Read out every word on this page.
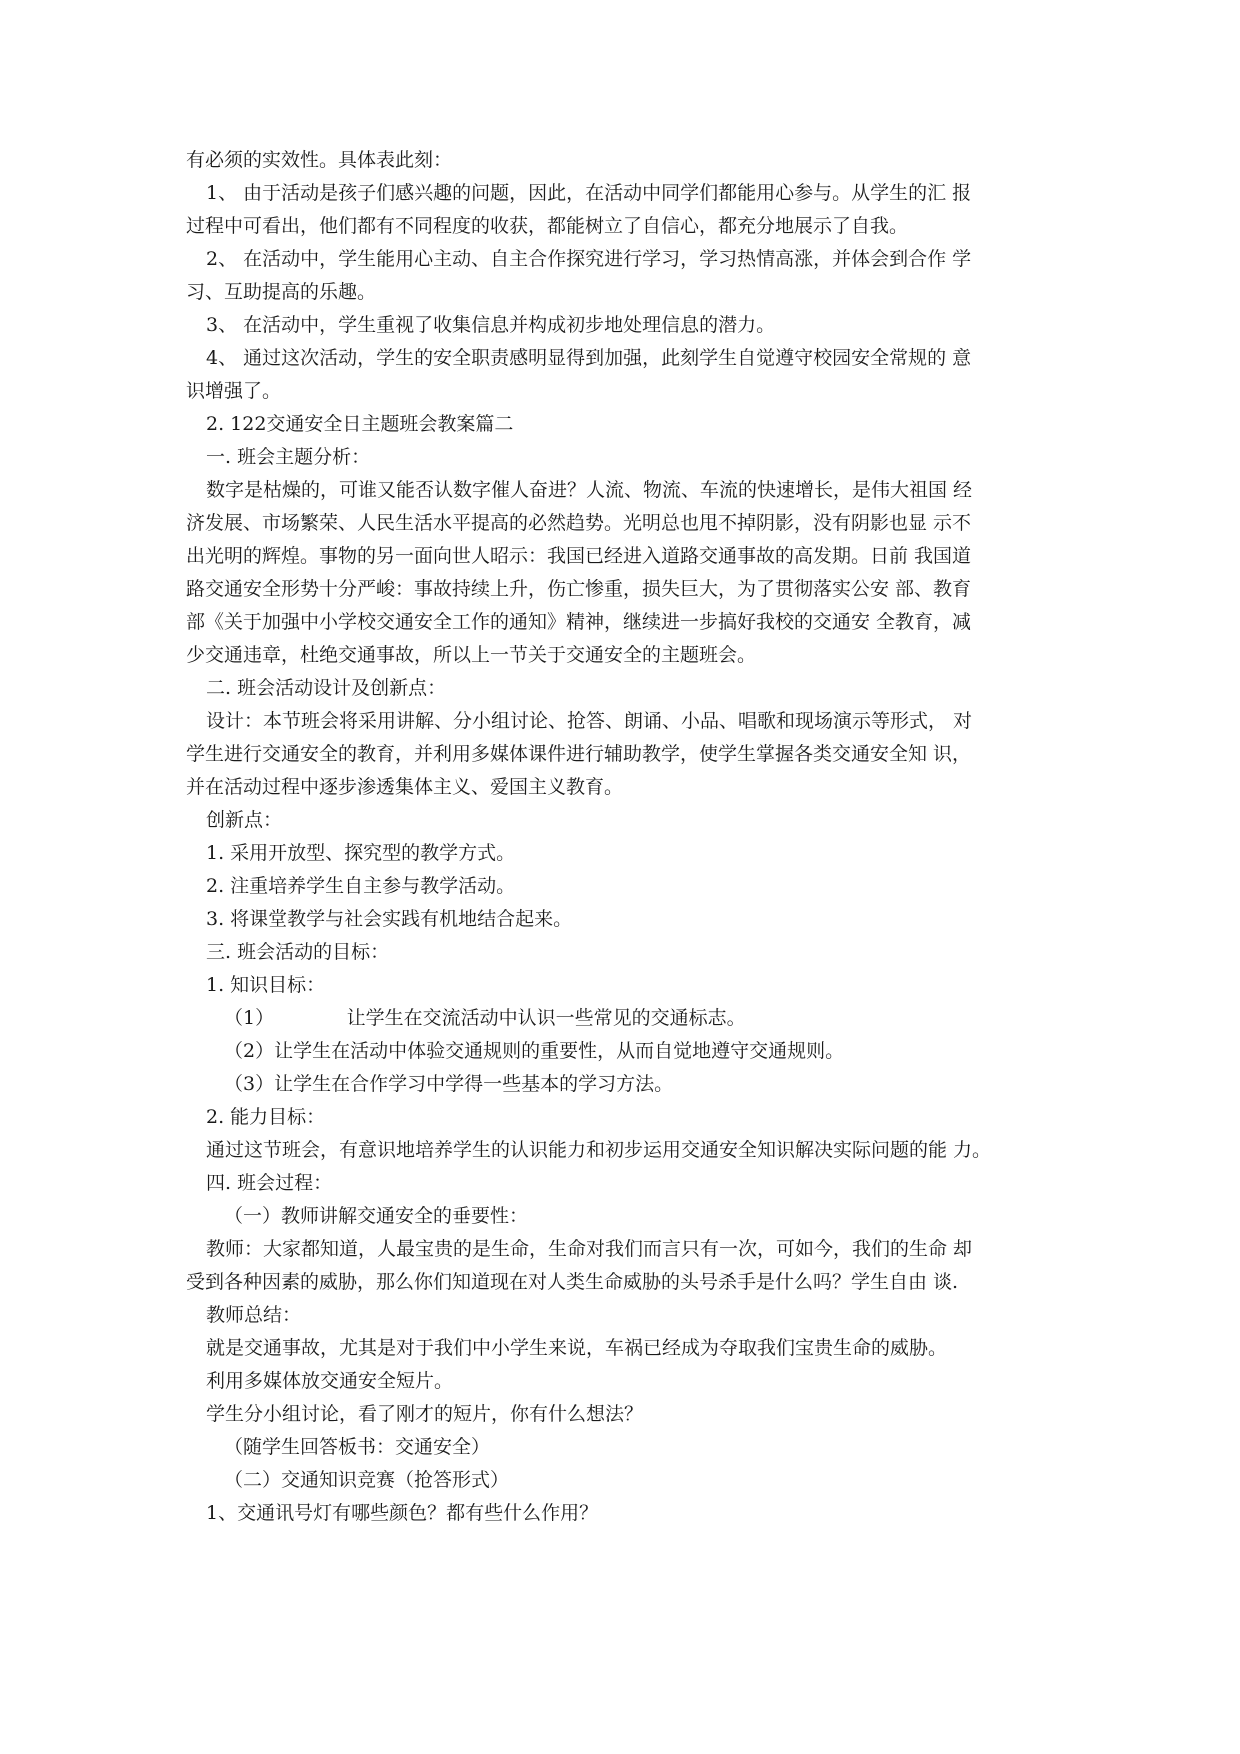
有必须的实效性。具体表此刻：
1、 由于活动是孩子们感兴趣的问题，因此，在活动中同学们都能用心参与。从学生的汇 报
过程中可看出，他们都有不同程度的收获，都能树立了自信心，都充分地展示了自我。
2、 在活动中，学生能用心主动、自主合作探究进行学习，学习热情高涨，并体会到合作 学
习、互助提高的乐趣。
3、 在活动中，学生重视了收集信息并构成初步地处理信息的潜力。
4、 通过这次活动，学生的安全职责感明显得到加强，此刻学生自觉遵守校园安全常规的 意
识增强了。
2. 122交通安全日主题班会教案篇二
一. 班会主题分析：
数字是枯燥的，可谁又能否认数字催人奋进？人流、物流、车流的快速增长，是伟大祖国 经
济发展、市场繁荣、人民生活水平提高的必然趋势。光明总也甩不掉阴影，没有阴影也显 示不
出光明的辉煌。事物的另一面向世人昭示：我国已经进入道路交通事故的高发期。日前 我国道
路交通安全形势十分严峻：事故持续上升，伤亡惨重，损失巨大，为了贯彻落实公安 部、教育
部《关于加强中小学校交通安全工作的通知》精神，继续进一步搞好我校的交通安 全教育，减
少交通违章，杜绝交通事故，所以上一节关于交通安全的主题班会。
二. 班会活动设计及创新点：
设计：本节班会将采用讲解、分小组讨论、抢答、朗诵、小品、唱歌和现场演示等形式， 对
学生进行交通安全的教育，并利用多媒体课件进行辅助教学，使学生掌握各类交通安全知 识，
并在活动过程中逐步渗透集体主义、爱国主义教育。
创新点：
1. 采用开放型、探究型的教学方式。
2. 注重培养学生自主参与教学活动。
3. 将课堂教学与社会实践有机地结合起来。
三. 班会活动的目标：
1. 知识目标：
（1）            让学生在交流活动中认识一些常见的交通标志。
（2）让学生在活动中体验交通规则的重要性，从而自觉地遵守交通规则。
（3）让学生在合作学习中学得一些基本的学习方法。
2. 能力目标：
通过这节班会，有意识地培养学生的认识能力和初步运用交通安全知识解决实际问题的能 力。
四. 班会过程：
（一）教师讲解交通安全的垂要性：
教师：大家都知道，人最宝贵的是生命，生命对我们而言只有一次，可如今，我们的生命 却
受到各种因素的威胁，那么你们知道现在对人类生命威胁的头号杀手是什么吗？学生自由 谈.
教师总结：
就是交通事故，尤其是对于我们中小学生来说，车祸已经成为夺取我们宝贵生命的威胁。
利用多媒体放交通安全短片。
学生分小组讨论，看了刚才的短片，你有什么想法？
（随学生回答板书：交通安全）
（二）交通知识竞赛（抢答形式）
1、交通讯号灯有哪些颜色？都有些什么作用？
